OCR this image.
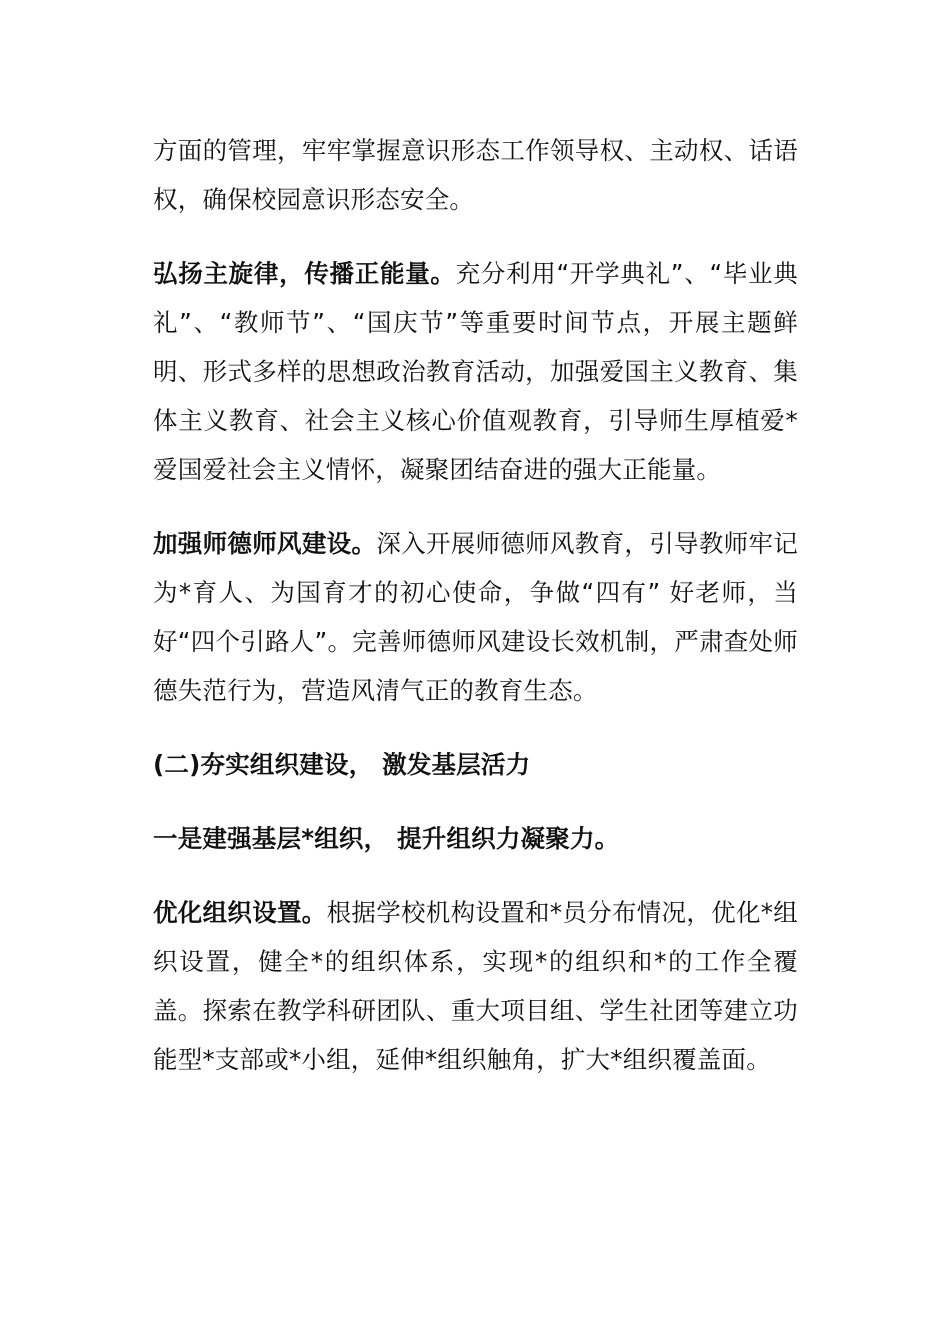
方面的管理，牢牢掌握意识形态工作领导权、主动权、话语权，确保校园意识形态安全。

弘扬主旋律，传播正能量。充分利用“开学典礼”、“毕业典礼”、“教师节”、“国庆节”等重要时间节点，开展主题鲜明、形式多样的思想政治教育活动，加强爱国主义教育、集体主义教育、社会主义核心价值观教育，引导师生厚植爱*爱国爱社会主义情怀，凝聚团结奋进的强大正能量。

加强师德师风建设。深入开展师德师风教育，引导教师牢记为*育人、为国育才的初心使命，争做“四有” 好老师，当好“四个引路人”。完善师德师风建设长效机制，严肃查处师德失范行为，营造风清气正的教育生态。

(二)夯实组织建设， 激发基层活力

一是建强基层*组织， 提升组织力凝聚力。

优化组织设置。根据学校机构设置和*员分布情况，优化*组织设置，健全*的组织体系，实现*的组织和*的工作全覆盖。探索在教学科研团队、重大项目组、学生社团等建立功能型*支部或*小组，延伸*组织触角，扩大*组织覆盖面。
